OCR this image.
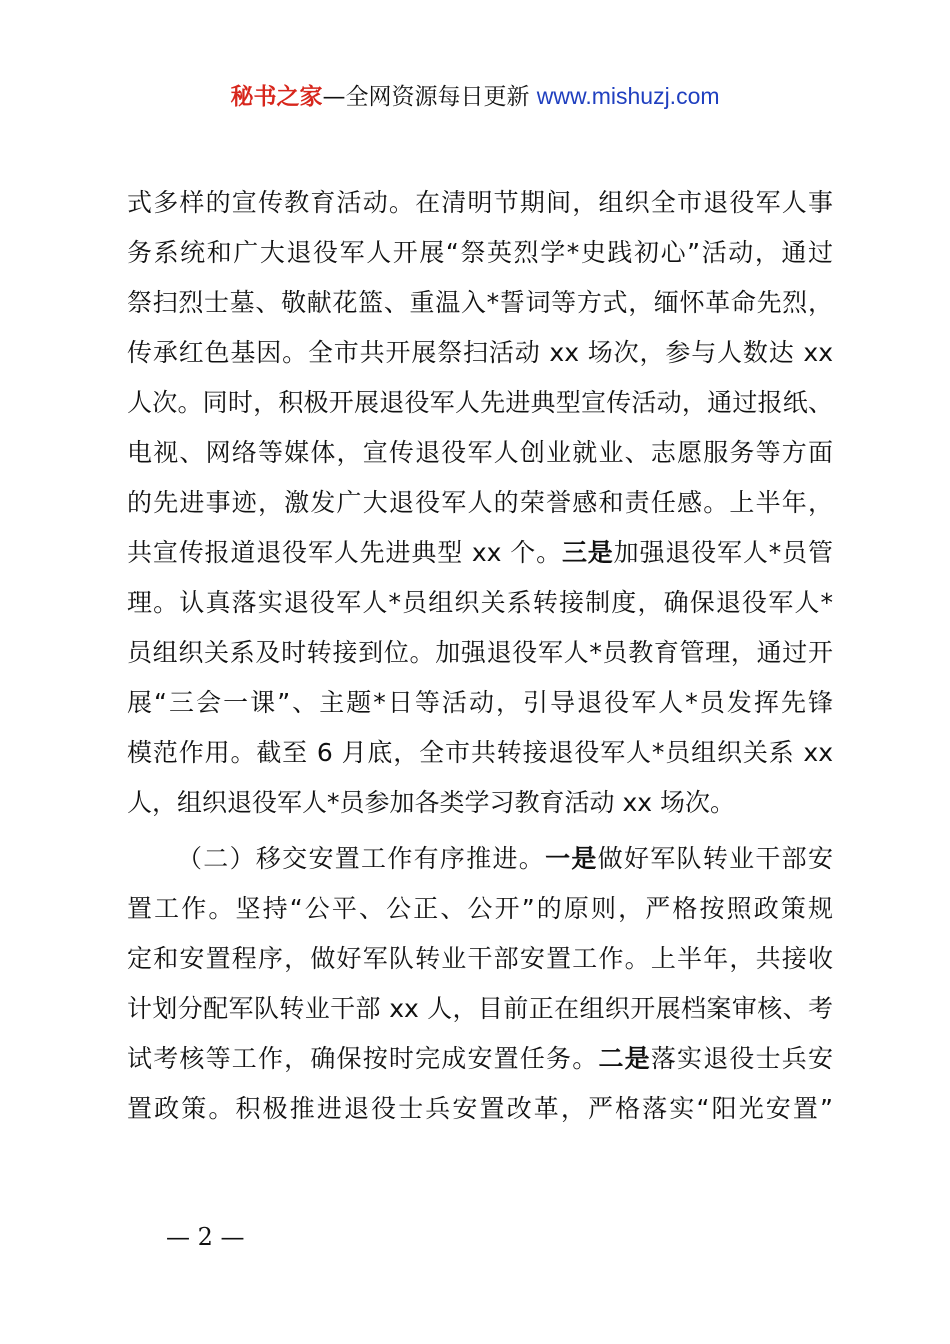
秘书之家—全网资源每日更新 www.mishuzj.com
式多样的宣传教育活动。在清明节期间，组织全市退役军人事
务系统和广大退役军人开展“祭英烈学*史践初心”活动，通过
祭扫烈士墓、敬献花篮、重温入*誓词等方式，缅怀革命先烈，
传承红色基因。全市共开展祭扫活动 xx 场次，参与人数达 xx
人次。同时，积极开展退役军人先进典型宣传活动，通过报纸、
电视、网络等媒体，宣传退役军人创业就业、志愿服务等方面
的先进事迹，激发广大退役军人的荣誉感和责任感。上半年，
共宣传报道退役军人先进典型 xx 个。三是加强退役军人*员管
理。认真落实退役军人*员组织关系转接制度，确保退役军人*
员组织关系及时转接到位。加强退役军人*员教育管理，通过开
展“三会一课”、主题*日等活动，引导退役军人*员发挥先锋
模范作用。截至 6 月底，全市共转接退役军人*员组织关系 xx
人，组织退役军人*员参加各类学习教育活动 xx 场次。
（二）移交安置工作有序推进。一是做好军队转业干部安
置工作。坚持“公平、公正、公开”的原则，严格按照政策规
定和安置程序，做好军队转业干部安置工作。上半年，共接收
计划分配军队转业干部 xx 人，目前正在组织开展档案审核、考
试考核等工作，确保按时完成安置任务。二是落实退役士兵安
置政策。积极推进退役士兵安置改革，严格落实“阳光安置”
— 2 —
